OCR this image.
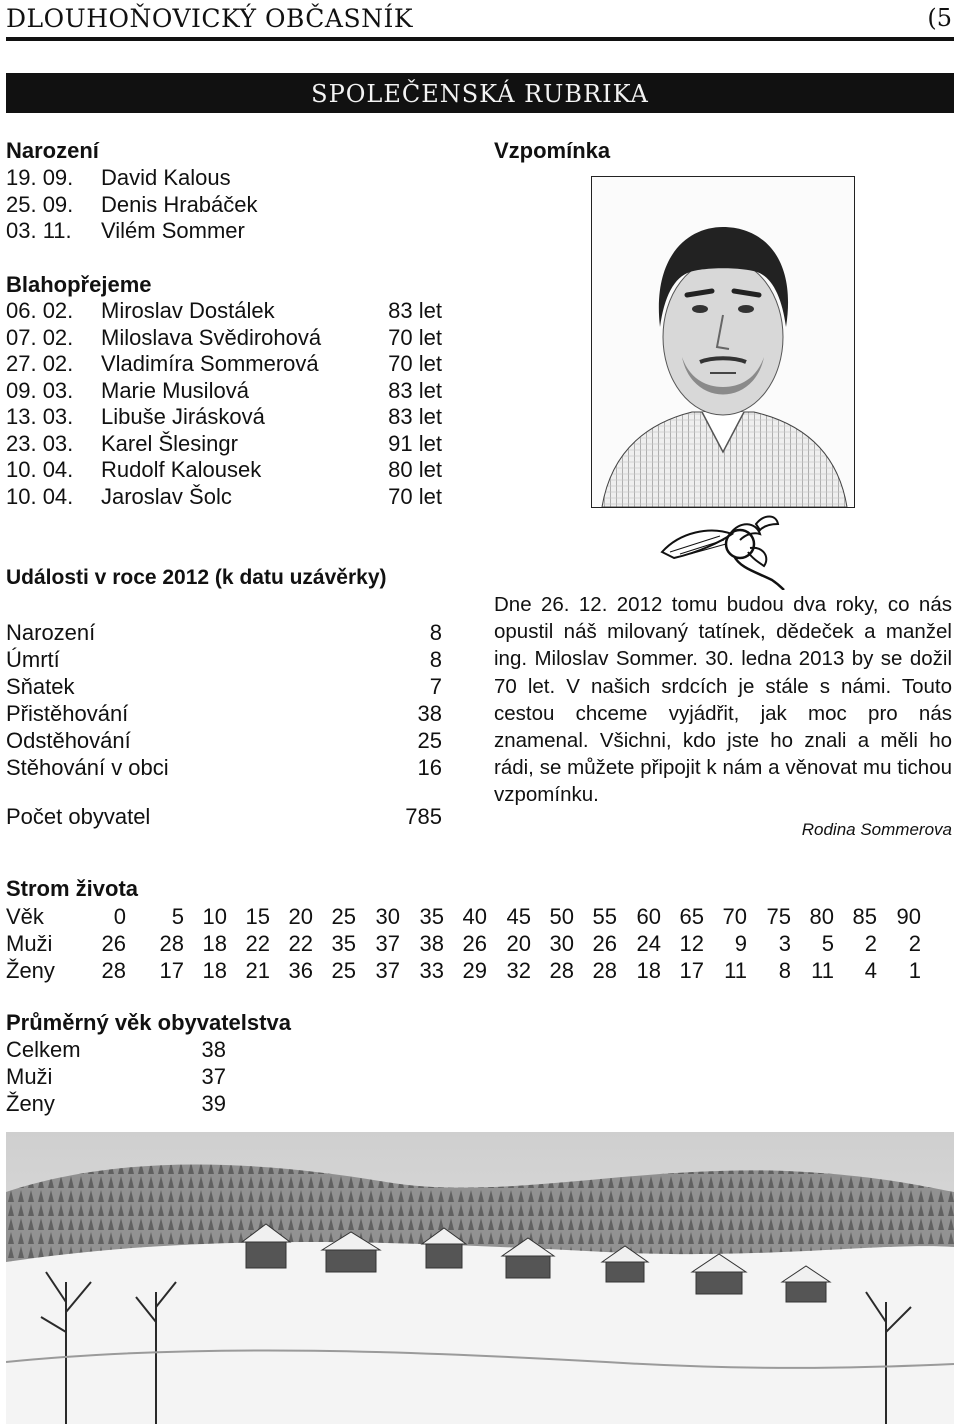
DLOUHOŇOVICKÝ OBČASNÍK	(5
SPOLEČENSKÁ RUBRIKA
Narození
19. 09. David Kalous
25. 09. Denis Hrabáček
03. 11. Vilém Sommer
Blahopřejeme
06. 02. Miroslav Dostálek	83 let
07. 02. Miloslava Svědirohová	70 let
27. 02. Vladimíra Sommerová	70 let
09. 03. Marie Musilová	83 let
13. 03. Libuše Jirásková	83 let
23. 03. Karel Šlesingr	91 let
10. 04. Rudolf Kalousek	80 let
10. 04. Jaroslav Šolc	70 let
Události v roce 2012 (k datu uzávěrky)
Narození	8
Úmrtí	8
Sňatek	7
Přistěhování	38
Odstěhování	25
Stěhování v obci	16
Počet obyvatel	785
Vzpomínka
Dne 26. 12. 2012 tomu budou dva roky, co nás opustil náš milovaný tatínek, dědeček a manžel ing. Miloslav Sommer. 30. ledna 2013 by se dožil 70 let. V našich srdcích je stále s námi. Touto cestou chceme vyjádřit, jak moc pro nás znamenal. Všichni, kdo jste ho znali a měli ho rádi, se můžete připojit k nám a věnovat mu tichou vzpomínku.
Rodina Sommerova
Strom života
Věk	0	5	10	15	20	25	30	35	40	45	50	55	60	65	70	75	80	85	90
Muži	26	28	18	22	22	35	37	38	26	20	30	26	24	12	9	3	5	2	2
Ženy	28	17	18	21	36	25	37	33	29	32	28	28	18	17	11	8	11	4	1
Průměrný věk obyvatelstva
Celkem	38
Muži	37
Ženy	39
